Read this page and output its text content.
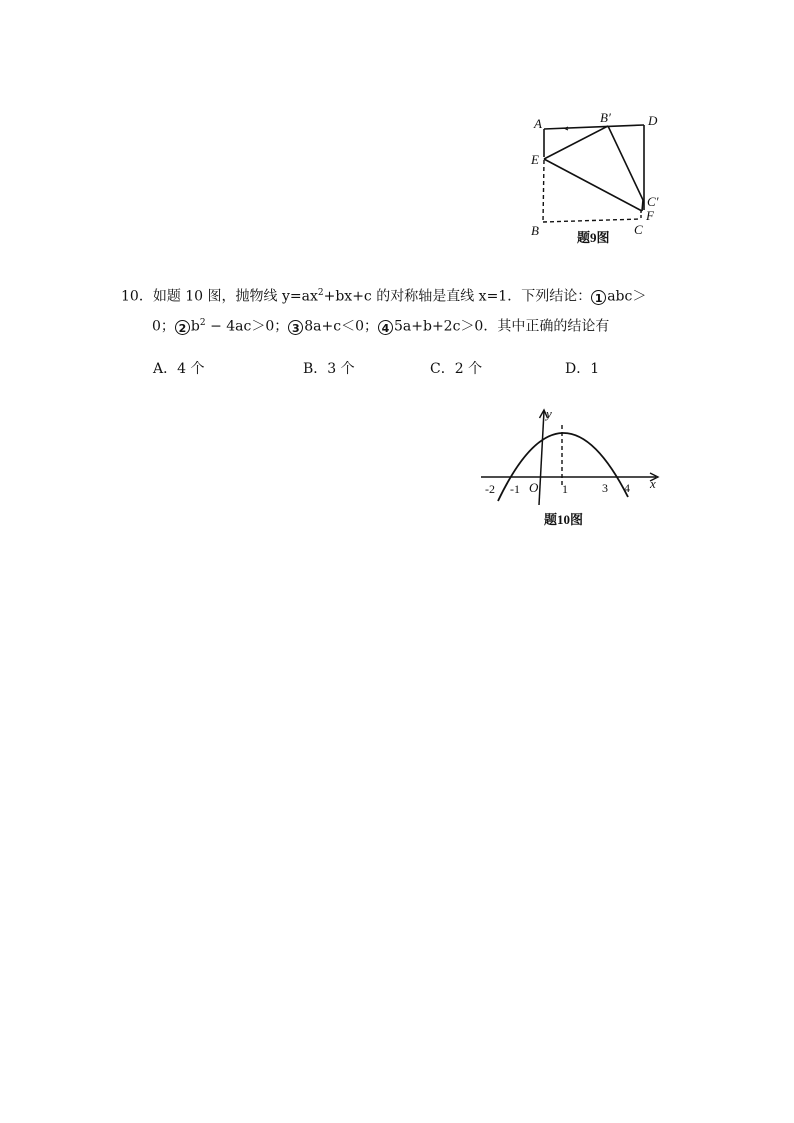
A	B′	D
E
C′
F
B	C
题9图
10．如题 10 图，抛物线 $y=ax^2+bx+c$ 的对称轴是直线 x=1．下列结论： 1 abc＞
0； 2 $b^2 - 4ac>0$； 3 8a+c＜0； 4 5a+b+2c＞0．其中正确的结论有
A．4 个	B．3 个	C．2 个	D．1
x
y
-2 -1 O 1	3 4
题10图
